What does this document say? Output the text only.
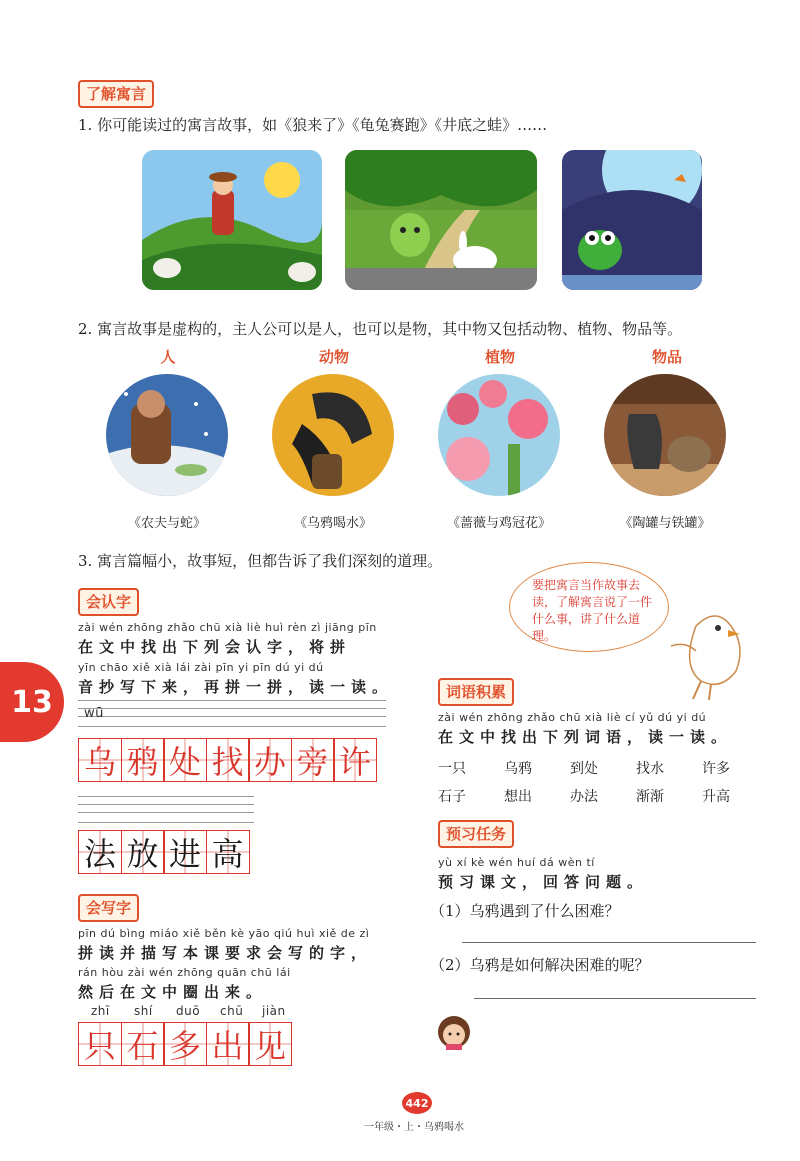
了解寓言
1. 你可能读过的寓言故事，如《狼来了》《龟兔赛跑》《井底之蛙》……
2. 寓言故事是虚构的，主人公可以是人，也可以是物，其中物又包括动物、植物、物品等。
人	动物	植物	物品
《农夫与蛇》	《乌鸦喝水》	《蔷薇与鸡冠花》	《陶罐与铁罐》
3. 寓言篇幅小，故事短，但都告诉了我们深刻的道理。
要把寓言当作故事去读，了解寓言说了一件什么事，讲了什么道理。
13
会认字
zài wén zhōng zhǎo chū xià liè huì rèn zì jiāng pīn
在文中找出下列会认字，将拼
yīn chāo xiě xià lái zài pīn yi pīn dú yi dú
音抄写下来，再拼一拼，读一读。
wū
乌 鸦 处 找 办 旁 许
法 放 进 高
会写字
pīn dú bìng miáo xiě běn kè yāo qiú huì xiě de zì
拼读并描写本课要求会写的字，
rán hòu zài wén zhōng quān chū lái
然后在文中圈出来。
zhī shí duō chū jiàn
只 石 多 出 见
词语积累
zài wén zhōng zhǎo chū xià liè cí yǔ dú yi dú
在文中找出下列词语，读一读。
一只	乌鸦	到处	找水	许多
石子	想出	办法	渐渐	升高
预习任务
yù xí kè wén huí dá wèn tí
预习课文，回答问题。
（1）乌鸦遇到了什么困难？
（2）乌鸦是如何解决困难的呢？
442
一年级・上・乌鸦喝水
